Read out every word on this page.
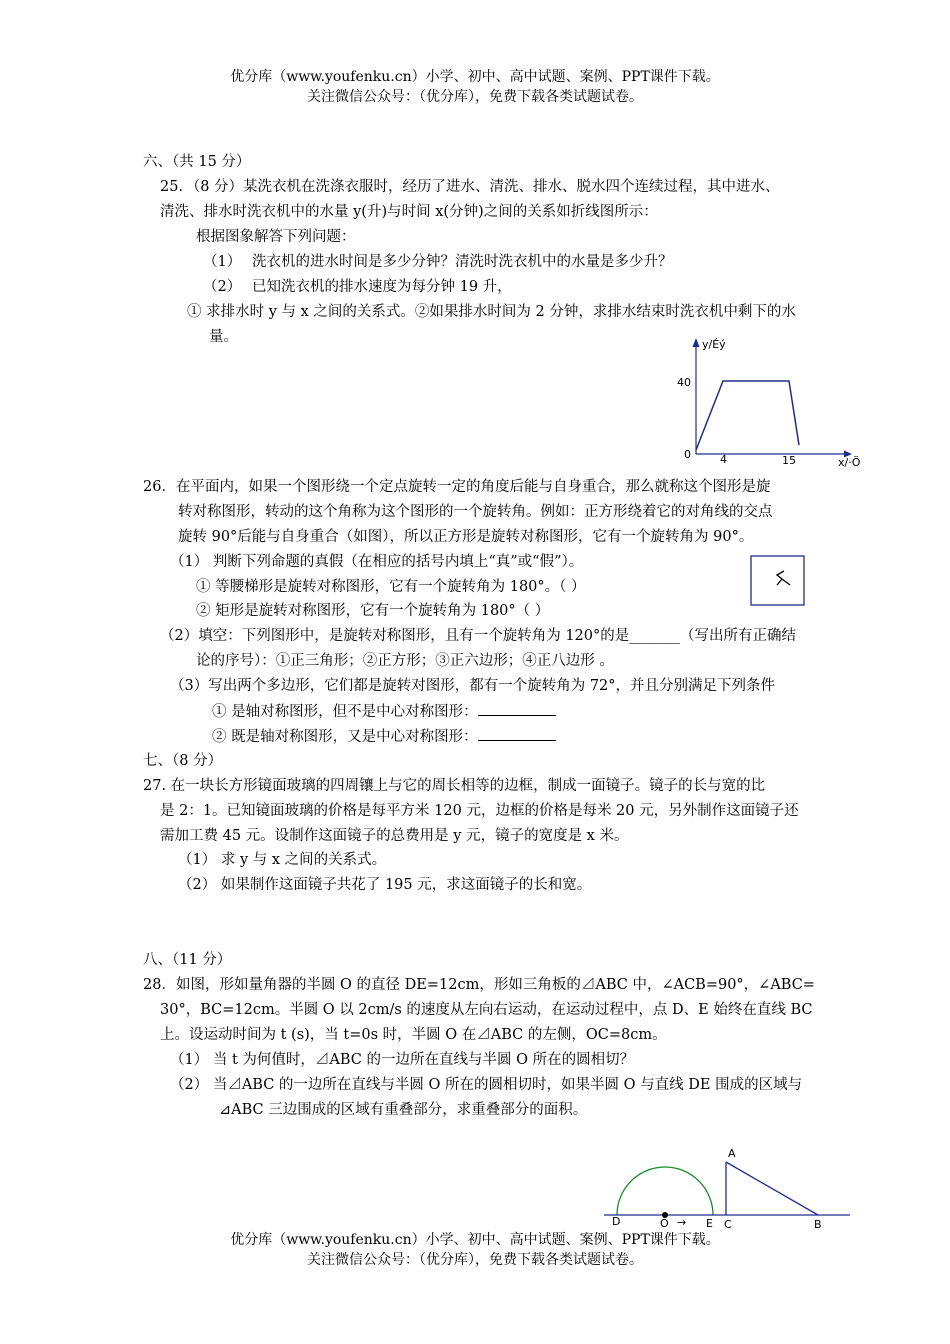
优分库（www.youfenku.cn）小学、初中、高中试题、案例、PPT课件下载。
关注微信公众号：（优分库），免费下载各类试题试卷。
六、（共 15 分）
25．（8 分）某洗衣机在洗涤衣服时，经历了进水、清洗、排水、脱水四个连续过程，其中进水、
清洗、排水时洗衣机中的水量 y(升)与时间 x(分钟)之间的关系如折线图所示：
根据图象解答下列问题：
（1） 洗衣机的进水时间是多少分钟？清洗时洗衣机中的水量是多少升？
（2） 已知洗衣机的排水速度为每分钟 19 升，
① 求排水时 y 与 x 之间的关系式。②如果排水时间为 2 分钟，求排水结束时洗衣机中剩下的水
量。	y/Éý
40
0	4	15	x/·Ö
26．在平面内，如果一个图形绕一个定点旋转一定的角度后能与自身重合，那么就称这个图形是旋
转对称图形，转动的这个角称为这个图形的一个旋转角。例如：正方形绕着它的对角线的交点
旋转 90°后能与自身重合（如图），所以正方形是旋转对称图形，它有一个旋转角为 90°。
（1） 判断下列命题的真假（在相应的括号内填上“真”或“假”）。
① 等腰梯形是旋转对称图形，它有一个旋转角为 180°。（ ）
② 矩形是旋转对称图形，它有一个旋转角为 180°（ ）
（2）填空：下列图形中，是旋转对称图形，且有一个旋转角为 120°的是_______（写出所有正确结
论的序号）：①正三角形；②正方形；③正六边形；④正八边形 。
（3）写出两个多边形，它们都是旋转对图形，都有一个旋转角为 72°，并且分别满足下列条件
① 是轴对称图形，但不是中心对称图形：
② 既是轴对称图形，又是中心对称图形：
七、（8 分）
27. 在一块长方形镜面玻璃的四周镶上与它的周长相等的边框，制成一面镜子。镜子的长与宽的比
是 2：1。已知镜面玻璃的价格是每平方米 120 元，边框的价格是每米 20 元，另外制作这面镜子还
需加工费 45 元。设制作这面镜子的总费用是 y 元，镜子的宽度是 x 米。
（1） 求 y 与 x 之间的关系式。
（2） 如果制作这面镜子共花了 195 元，求这面镜子的长和宽。
八、（11 分）
28．如图，形如量角器的半圆 O 的直径 DE=12cm，形如三角板的⊿ABC 中，∠ACB=90°，∠ABC=
30°，BC=12cm。半圆 O 以 2cm/s 的速度从左向右运动，在运动过程中，点 D、E 始终在直线 BC
上。设运动时间为 t (s)，当 t=0s 时，半圆 O 在⊿ABC 的左侧，OC=8cm。
（1） 当 t 为何值时，⊿ABC 的一边所在直线与半圆 O 所在的圆相切？
（2） 当⊿ABC 的一边所在直线与半圆 O 所在的圆相切时，如果半圆 O 与直线 DE 围成的区域与
⊿ABC 三边围成的区域有重叠部分，求重叠部分的面积。
A
B
C
D	E
O →
优分库（www.youfenku.cn）小学、初中、高中试题、案例、PPT课件下载。
关注微信公众号：（优分库），免费下载各类试题试卷。
